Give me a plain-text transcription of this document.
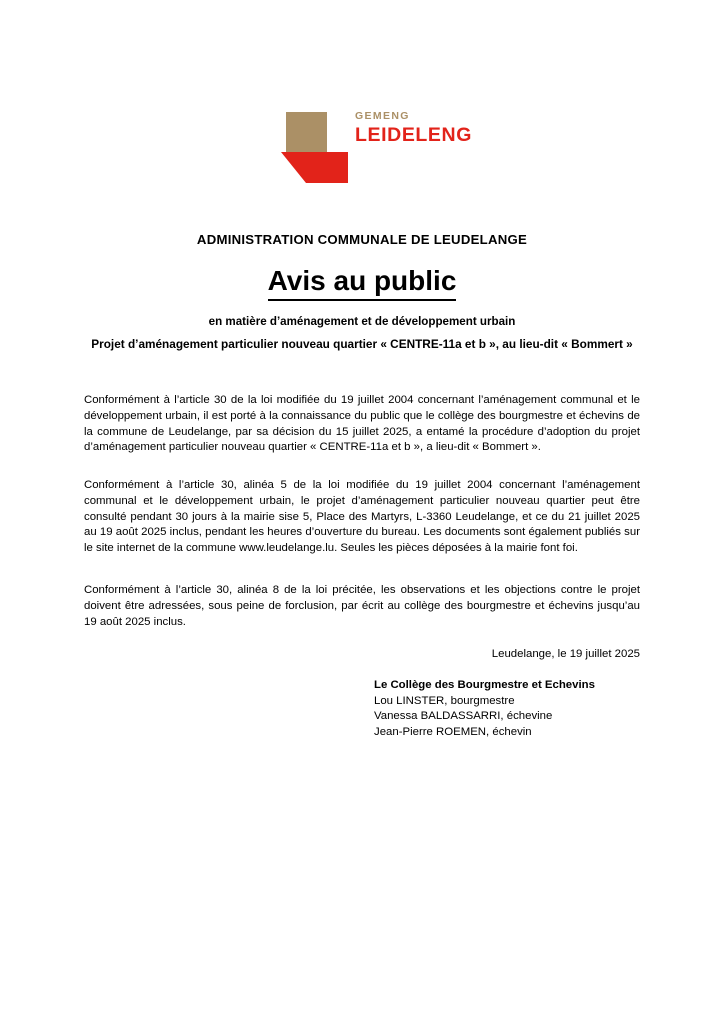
GEMENG
LEIDELENG
ADMINISTRATION COMMUNALE DE LEUDELANGE
Avis au public
en matière d’aménagement et de développement urbain
Projet d’aménagement particulier nouveau quartier « CENTRE-11a et b », au lieu-dit « Bommert »

Conformément à l’article 30 de la loi modifiée du 19 juillet 2004 concernant l’aménagement communal et le développement urbain, il est porté à la connaissance du public que le collège des bourgmestre et échevins de la commune de Leudelange, par sa décision du 15 juillet 2025, a entamé la procédure d’adoption du projet d’aménagement particulier nouveau quartier « CENTRE-11a et b », a lieu-dit « Bommert ».

Conformément à l’article 30, alinéa 5 de la loi modifiée du 19 juillet 2004 concernant l’aménagement communal et le développement urbain, le projet d’aménagement particulier nouveau quartier peut être consulté pendant 30 jours à la mairie sise 5, Place des Martyrs, L-3360 Leudelange, et ce du 21 juillet 2025 au 19 août 2025 inclus, pendant les heures d’ouverture du bureau. Les documents sont également publiés sur le site internet de la commune www.leudelange.lu. Seules les pièces déposées à la mairie font foi.

Conformément à l’article 30, alinéa 8 de la loi précitée, les observations et les objections contre le projet doivent être adressées, sous peine de forclusion, par écrit au collège des bourgmestre et échevins jusqu’au 19 août 2025 inclus.

Leudelange, le 19 juillet 2025
Le Collège des Bourgmestre et Echevins
Lou LINSTER, bourgmestre
Vanessa BALDASSARRI, échevine
Jean-Pierre ROEMEN, échevin
